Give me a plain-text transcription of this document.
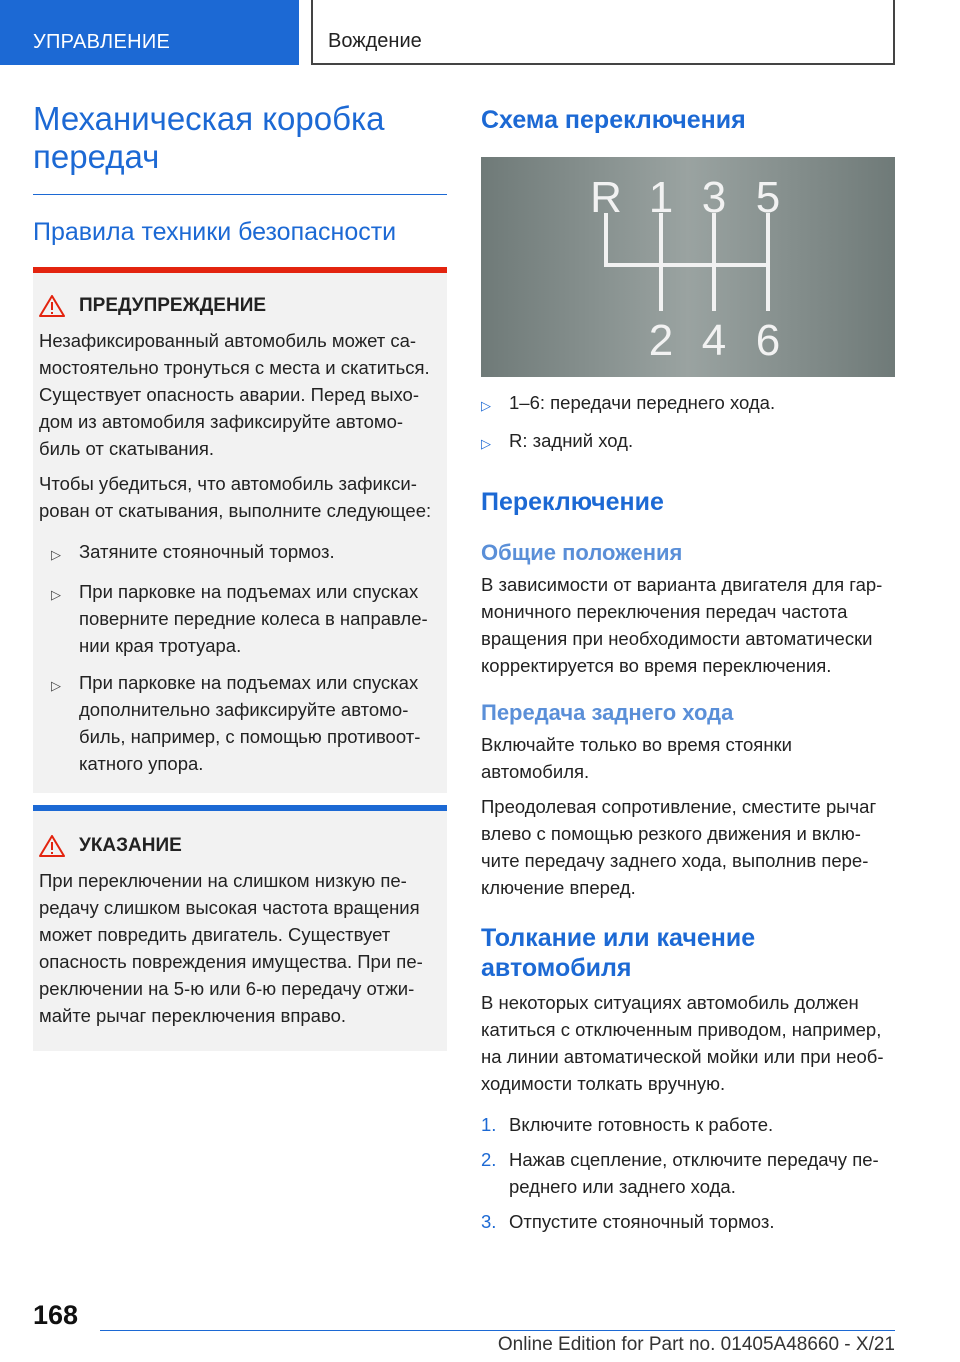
УПРАВЛЕНИЕ	Вождение
Механическая коробка передач
Правила техники безопасности
ПРЕДУПРЕЖДЕНИЕ

Незафиксированный автомобиль может са- мостоятельно тронуться с места и скатиться. Существует опасность аварии. Перед выхо- дом из автомобиля зафиксируйте автомо- биль от скатывания.

Чтобы убедиться, что автомобиль зафикси- рован от скатывания, выполните следующее:

▷ Затяните стояночный тормоз.
▷ При парковке на подъемах или спусках поверните передние колеса в направле- нии края тротуара.
▷ При парковке на подъемах или спусках дополнительно зафиксируйте автомо- биль, например, с помощью противоот- катного упора.
УКАЗАНИЕ

При переключении на слишком низкую пе- редачу слишком высокая частота вращения может повредить двигатель. Существует опасность повреждения имущества. При пе- реключении на 5-ю или 6-ю передачу отжи- майте рычаг переключения вправо.

Схема переключения
R 1 3 5
2 4 6
▷ 1–6: передачи переднего хода.
▷ R: задний ход.
Переключение
Общие положения

В зависимости от варианта двигателя для гар- моничного переключения передач частота вращения при необходимости автоматически корректируется во время переключения.

Передача заднего хода

Включайте только во время стоянки автомобиля.

Преодолевая сопротивление, сместите рычаг влево с помощью резкого движения и вклю- чите передачу заднего хода, выполнив пере- ключение вперед.

Толкание или качение автомобиля

В некоторых ситуациях автомобиль должен катиться с отключенным приводом, например, на линии автоматической мойки или при необ- ходимости толкать вручную.

1. Включите готовность к работе.
2. Нажав сцепление, отключите передачу пе- реднего или заднего хода.
3. Отпустите стояночный тормоз.
168
Online Edition for Part no. 01405A48660 - X/21
